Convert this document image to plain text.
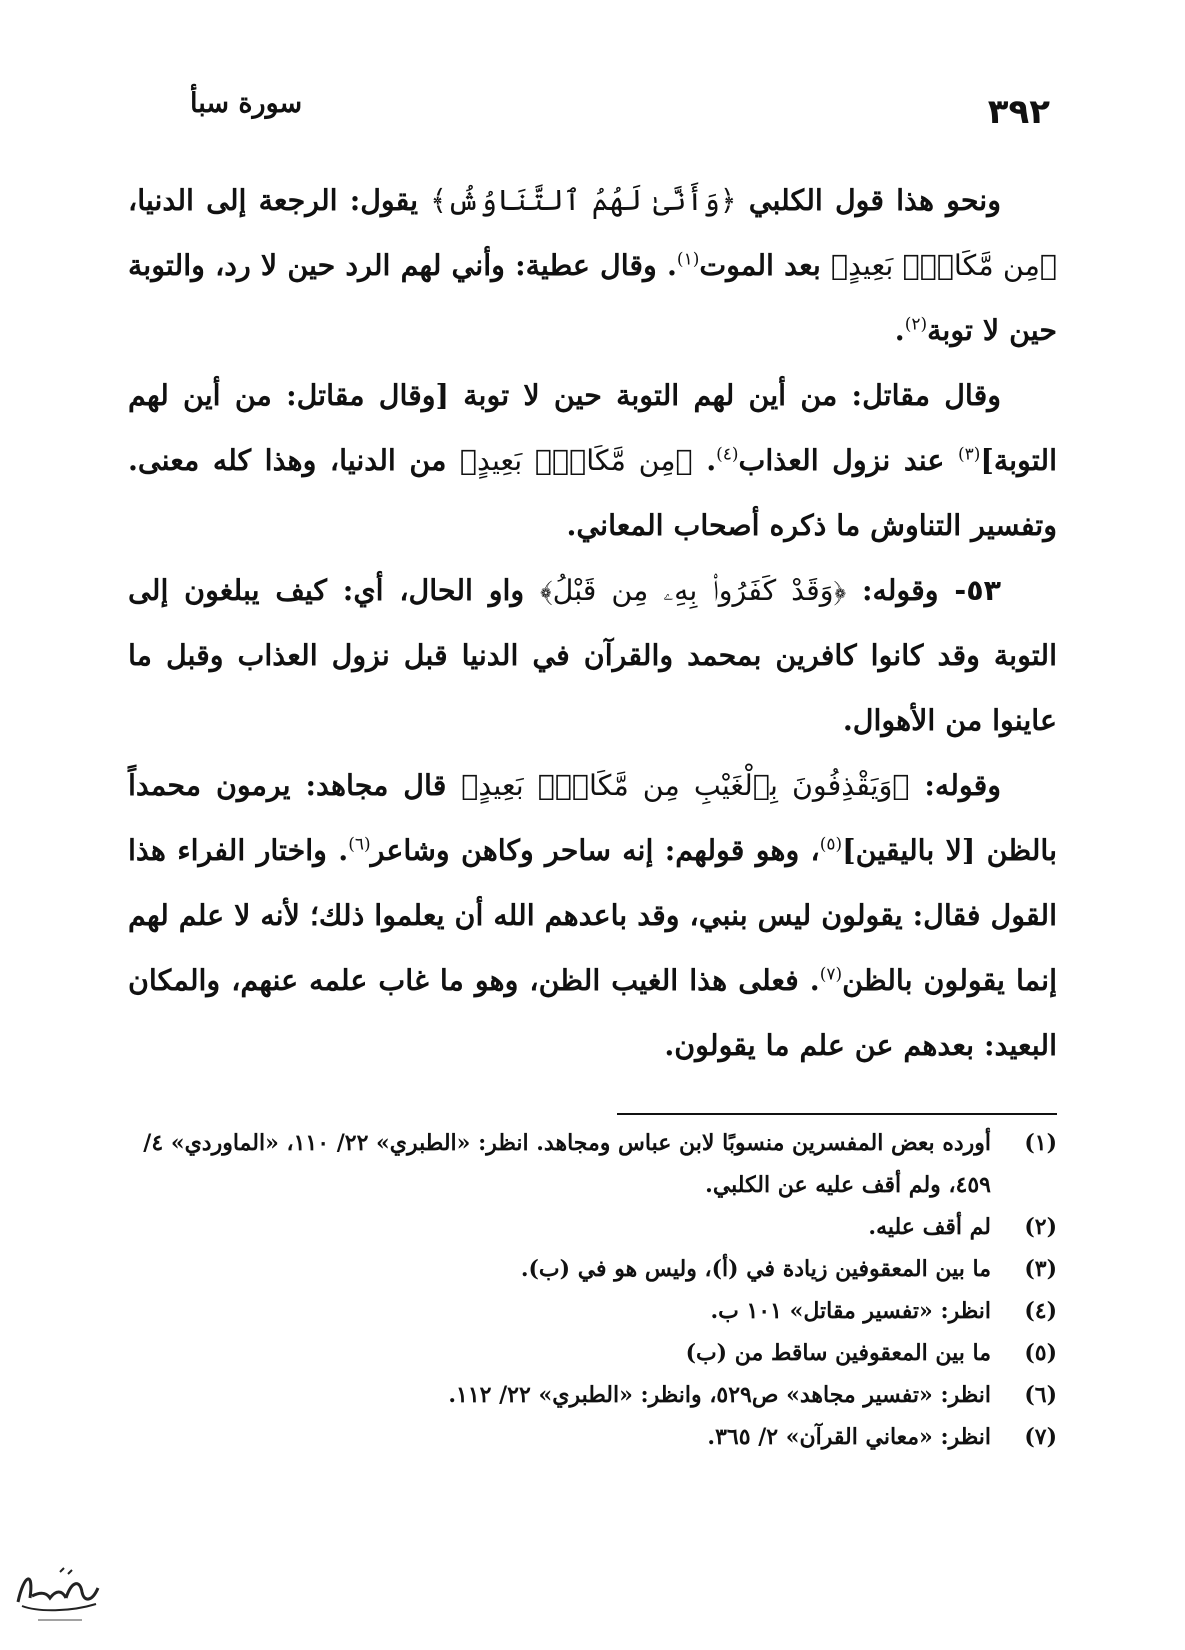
٣٩٢
سورة سبأ

ونحو هذا قول الكلبي ﴿وَأَنَّىٰ لَهُمُ ٱلتَّنَاوُشُ﴾ يقول: الرجعة إلى الدنيا، ﴿مِن مَّكَانِۭ بَعِيدٍ﴾ بعد الموت$^{(١)}$. وقال عطية: وأني لهم الرد حين لا رد، والتوبة حين لا توبة$^{(٢)}$.

وقال مقاتل: من أين لهم التوبة حين لا توبة [وقال مقاتل: من أين لهم التوبة]$^{(٣)}$ عند نزول العذاب$^{(٤)}$. ﴿مِن مَّكَانِۭ بَعِيدٍ﴾ من الدنيا، وهذا كله معنى. وتفسير التناوش ما ذكره أصحاب المعاني.

٥٣- وقوله: ﴿وَقَدْ كَفَرُوا۟ بِهِۦ مِن قَبْلُ﴾ واو الحال، أي: كيف يبلغون إلى التوبة وقد كانوا كافرين بمحمد والقرآن في الدنيا قبل نزول العذاب وقبل ما عاينوا من الأهوال.

وقوله: ﴿وَيَقْذِفُونَ بِٱلْغَيْبِ مِن مَّكَانِۭ بَعِيدٍ﴾ قال مجاهد: يرمون محمداً بالظن [لا باليقين]$^{(٥)}$، وهو قولهم: إنه ساحر وكاهن وشاعر$^{(٦)}$. واختار الفراء هذا القول فقال: يقولون ليس بنبي، وقد باعدهم الله أن يعلموا ذلك؛ لأنه لا علم لهم إنما يقولون بالظن$^{(٧)}$. فعلى هذا الغيب الظن، وهو ما غاب علمه عنهم، والمكان البعيد: بعدهم عن علم ما يقولون.

(١)
أورده بعض المفسرين منسوبًا لابن عباس ومجاهد. انظر: «الطبري» ٢٢/ ١١٠، «الماوردي» ٤/ ٤٥٩، ولم أقف عليه عن الكلبي.
(٢)
لم أقف عليه.
(٣)
ما بين المعقوفين زيادة في (أ)، وليس هو في (ب).
(٤)
انظر: «تفسير مقاتل» ١٠١ ب.
(٥)
ما بين المعقوفين ساقط من (ب)
(٦)
انظر: «تفسير مجاهد» ص٥٢٩، وانظر: «الطبري» ٢٢/ ١١٢.
(٧)
انظر: «معاني القرآن» ٢/ ٣٦٥.
